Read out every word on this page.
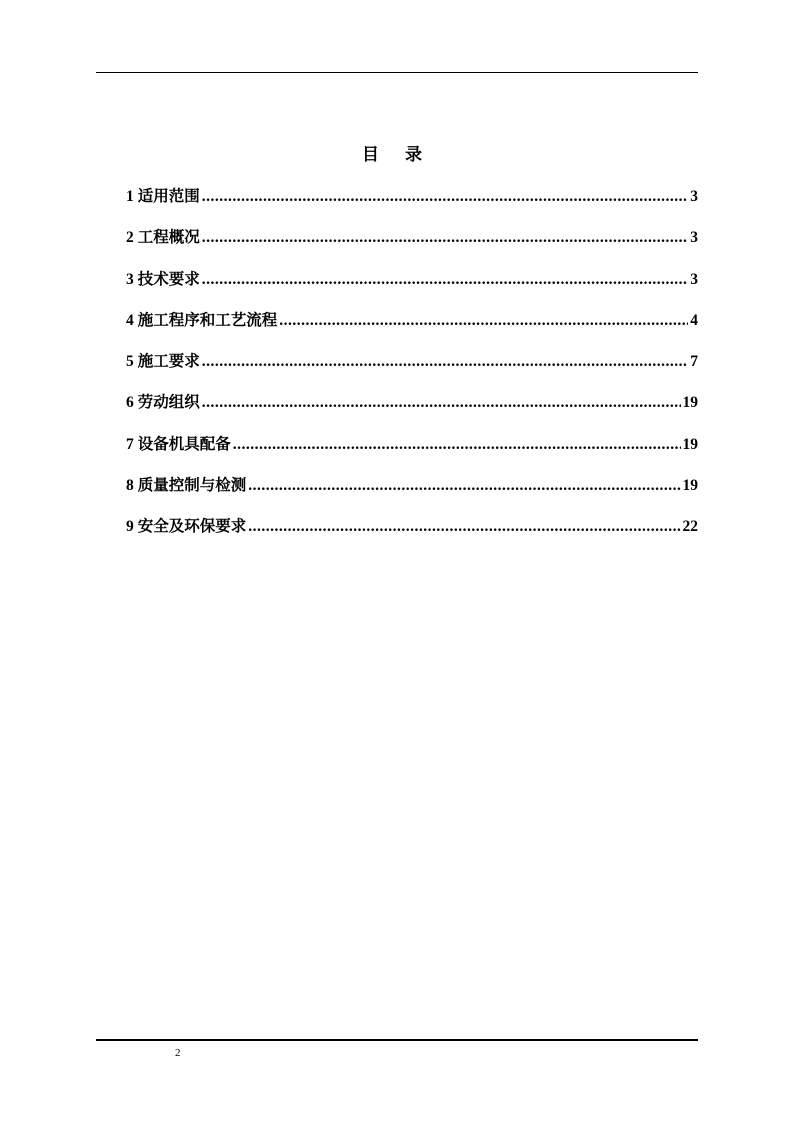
目 录
1 适用范围 .....	3
2 工程概况 .....	3
3 技术要求 .....	3
4 施工程序和工艺流程 .....	4
5 施工要求 .....	7
6 劳动组织 .....	19
7 设备机具配备 .....	19
8 质量控制与检测 .....	19
9 安全及环保要求 .....	22
2
